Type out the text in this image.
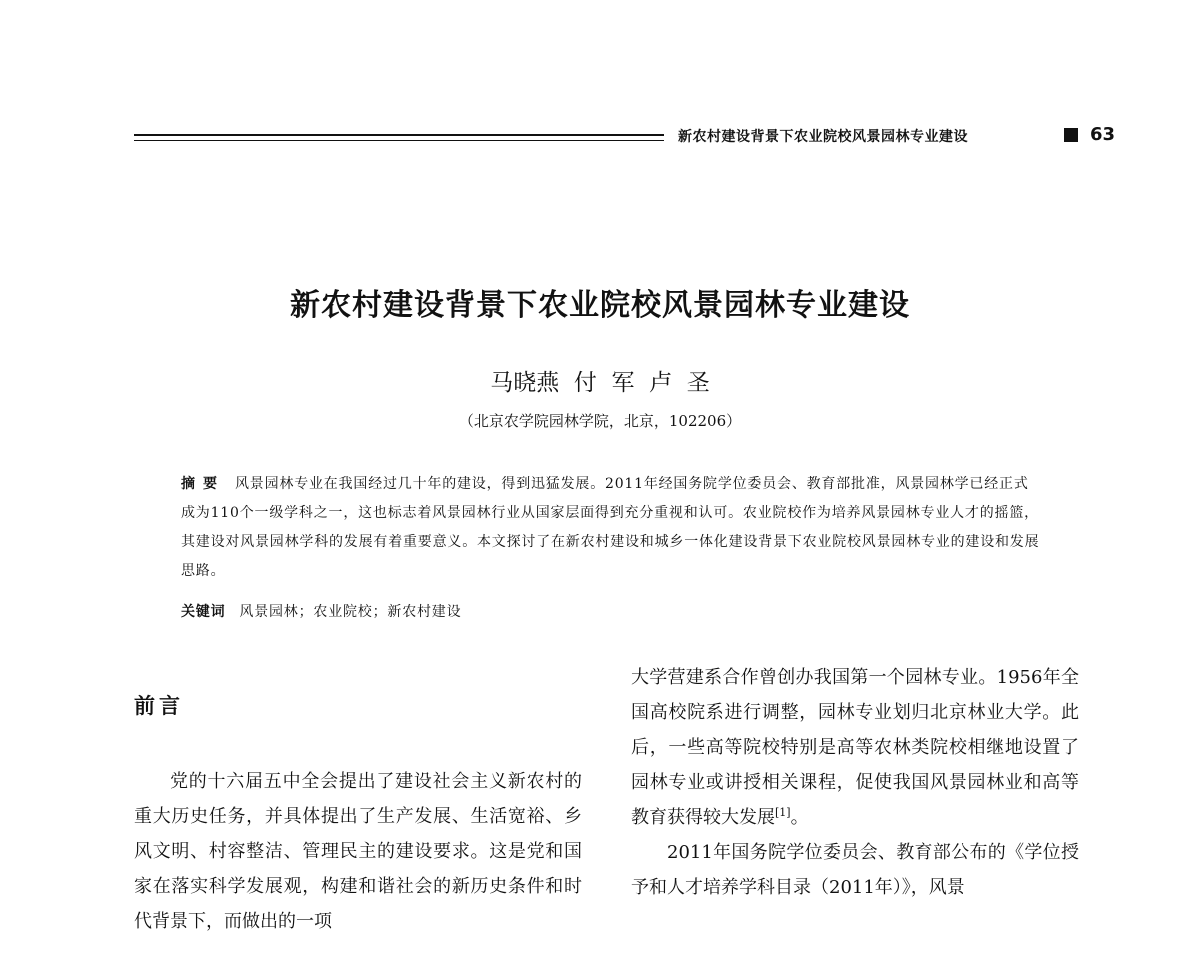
新农村建设背景下农业院校风景园林专业建设	63
新农村建设背景下农业院校风景园林专业建设
马晓燕  付  军  卢  圣
（北京农学院园林学院，北京，102206）
摘要 风景园林专业在我国经过几十年的建设，得到迅猛发展。2011年经国务院学位委员会、教育部批准，风景园林学已经正式成为110个一级学科之一，这也标志着风景园林行业从国家层面得到充分重视和认可。农业院校作为培养风景园林专业人才的摇篮，其建设对风景园林学科的发展有着重要意义。本文探讨了在新农村建设和城乡一体化建设背景下农业院校风景园林专业的建设和发展思路。
关键词 风景园林；农业院校；新农村建设
前言

党的十六届五中全会提出了建设社会主义新农村的重大历史任务，并具体提出了生产发展、生活宽裕、乡风文明、村容整洁、管理民主的建设要求。这是党和国家在落实科学发展观，构建和谐社会的新历史条件和时代背景下，而做出的一项

大学营建系合作曾创办我国第一个园林专业。1956年全国高校院系进行调整，园林专业划归北京林业大学。此后，一些高等院校特别是高等农林类院校相继地设置了园林专业或讲授相关课程，促使我国风景园林业和高等教育获得较大发展[1]。

2011年国务院学位委员会、教育部公布的《学位授予和人才培养学科目录（2011年）》，风景
